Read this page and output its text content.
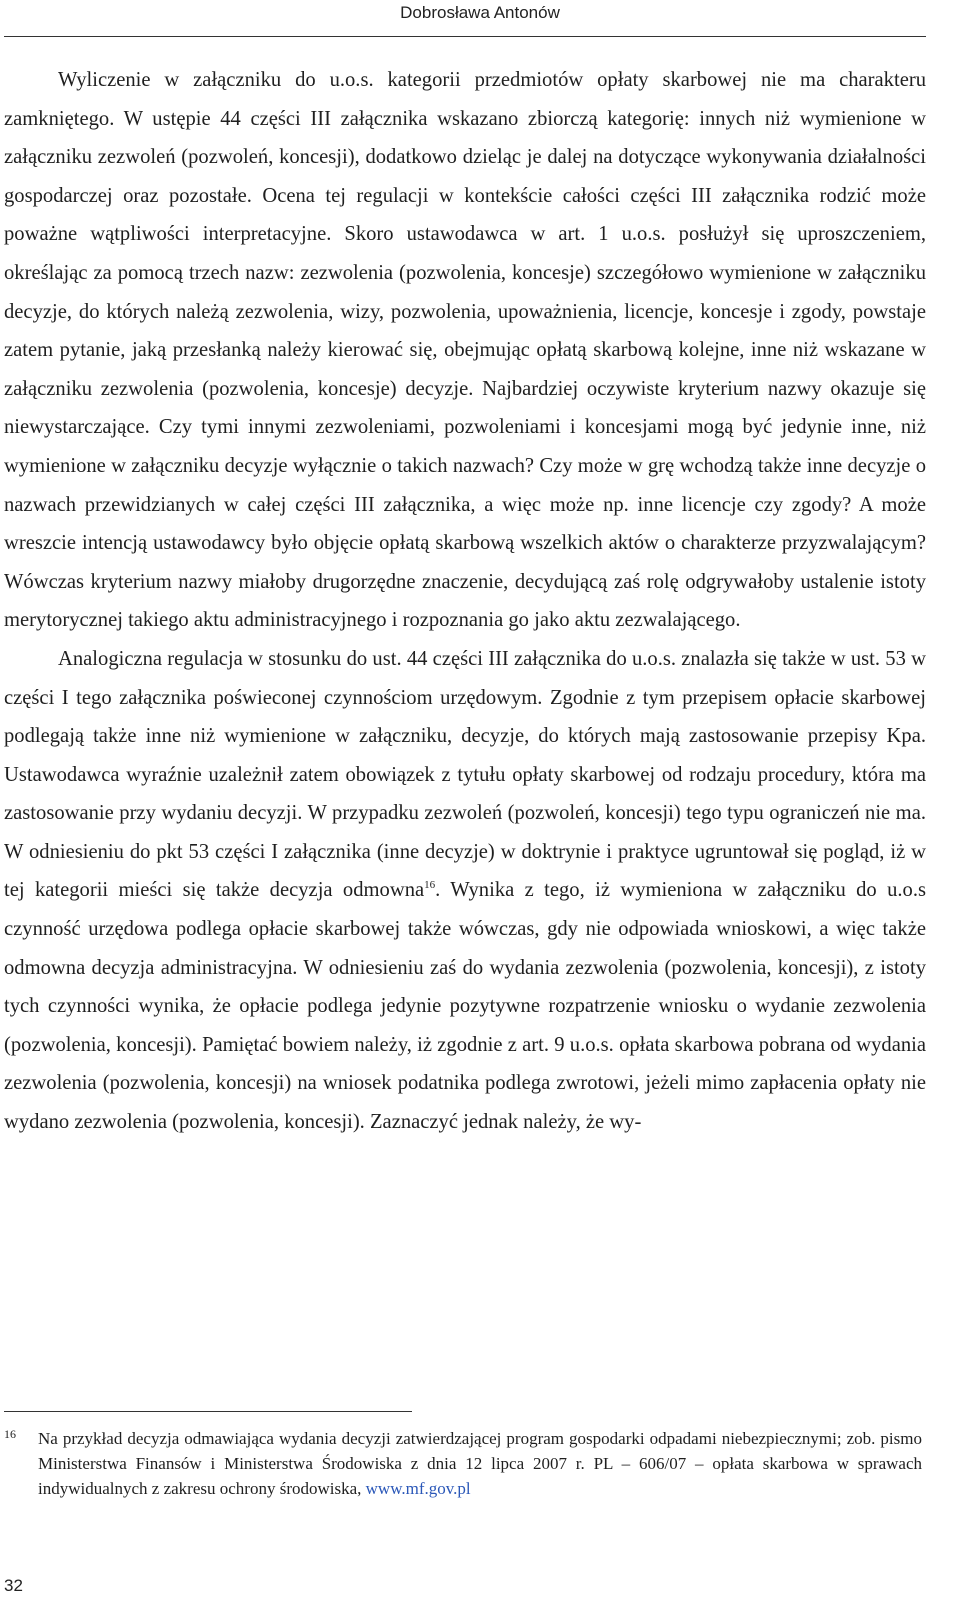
Dobrosława Antonów

Wyliczenie w załączniku do u.o.s. kategorii przedmiotów opłaty skarbowej nie ma charakteru zamkniętego. W ustępie 44 części III załącznika wskazano zbiorczą kategorię: innych niż wymienione w załączniku zezwoleń (pozwoleń, koncesji), dodatkowo dzieląc je dalej na dotyczące wykonywania działalności gospodarczej oraz pozostałe. Ocena tej regulacji w kontekście całości części III załącznika rodzić może poważne wątpliwości interpretacyjne. Skoro ustawodawca w art. 1 u.o.s. posłużył się uproszczeniem, określając za pomocą trzech nazw: zezwolenia (pozwolenia, koncesje) szczegółowo wymienione w załączniku decyzje, do których należą zezwolenia, wizy, pozwolenia, upoważnienia, licencje, koncesje i zgody, powstaje zatem pytanie, jaką przesłanką należy kierować się, obejmując opłatą skarbową kolejne, inne niż wskazane w załączniku zezwolenia (pozwolenia, koncesje) decyzje. Najbardziej oczywiste kryterium nazwy okazuje się niewystarczające. Czy tymi innymi zezwoleniami, pozwoleniami i koncesjami mogą być jedynie inne, niż wymienione w załączniku decyzje wyłącznie o takich nazwach? Czy może w grę wchodzą także inne decyzje o nazwach przewidzianych w całej części III załącznika, a więc może np. inne licencje czy zgody? A może wreszcie intencją ustawodawcy było objęcie opłatą skarbową wszelkich aktów o charakterze przyzwalającym? Wówczas kryterium nazwy miałoby drugorzędne znaczenie, decydującą zaś rolę odgrywałoby ustalenie istoty merytorycznej takiego aktu administracyjnego i rozpoznania go jako aktu zezwalającego.

Analogiczna regulacja w stosunku do ust. 44 części III załącznika do u.o.s. znalazła się także w ust. 53 w części I tego załącznika poświeconej czynnościom urzędowym. Zgodnie z tym przepisem opłacie skarbowej podlegają także inne niż wymienione w załączniku, decyzje, do których mają zastosowanie przepisy Kpa. Ustawodawca wyraźnie uzależnił zatem obowiązek z tytułu opłaty skarbowej od rodzaju procedury, która ma zastosowanie przy wydaniu decyzji. W przypadku zezwoleń (pozwoleń, koncesji) tego typu ograniczeń nie ma. W odniesieniu do pkt 53 części I załącznika (inne decyzje) w doktrynie i praktyce ugruntował się pogląd, iż w tej kategorii mieści się także decyzja odmowna$^{16}$. Wynika z tego, iż wymieniona w załączniku do u.o.s czynność urzędowa podlega opłacie skarbowej także wówczas, gdy nie odpowiada wnioskowi, a więc także odmowna decyzja administracyjna. W odniesieniu zaś do wydania zezwolenia (pozwolenia, koncesji), z istoty tych czynności wynika, że opłacie podlega jedynie pozytywne rozpatrzenie wniosku o wydanie zezwolenia (pozwolenia, koncesji). Pamiętać bowiem należy, iż zgodnie z art. 9 u.o.s. opłata skarbowa pobrana od wydania zezwolenia (pozwolenia, koncesji) na wniosek podatnika podlega zwrotowi, jeżeli mimo zapłacenia opłaty nie wydano zezwolenia (pozwolenia, koncesji). Zaznaczyć jednak należy, że wy-

16 Na przykład decyzja odmawiająca wydania decyzji zatwierdzającej program gospodarki odpadami niebezpiecznymi; zob. pismo Ministerstwa Finansów i Ministerstwa Środowiska z dnia 12 lipca 2007 r. PL – 606/07 – opłata skarbowa w sprawach indywidualnych z zakresu ochrony środowiska, www.mf.gov.pl
32
